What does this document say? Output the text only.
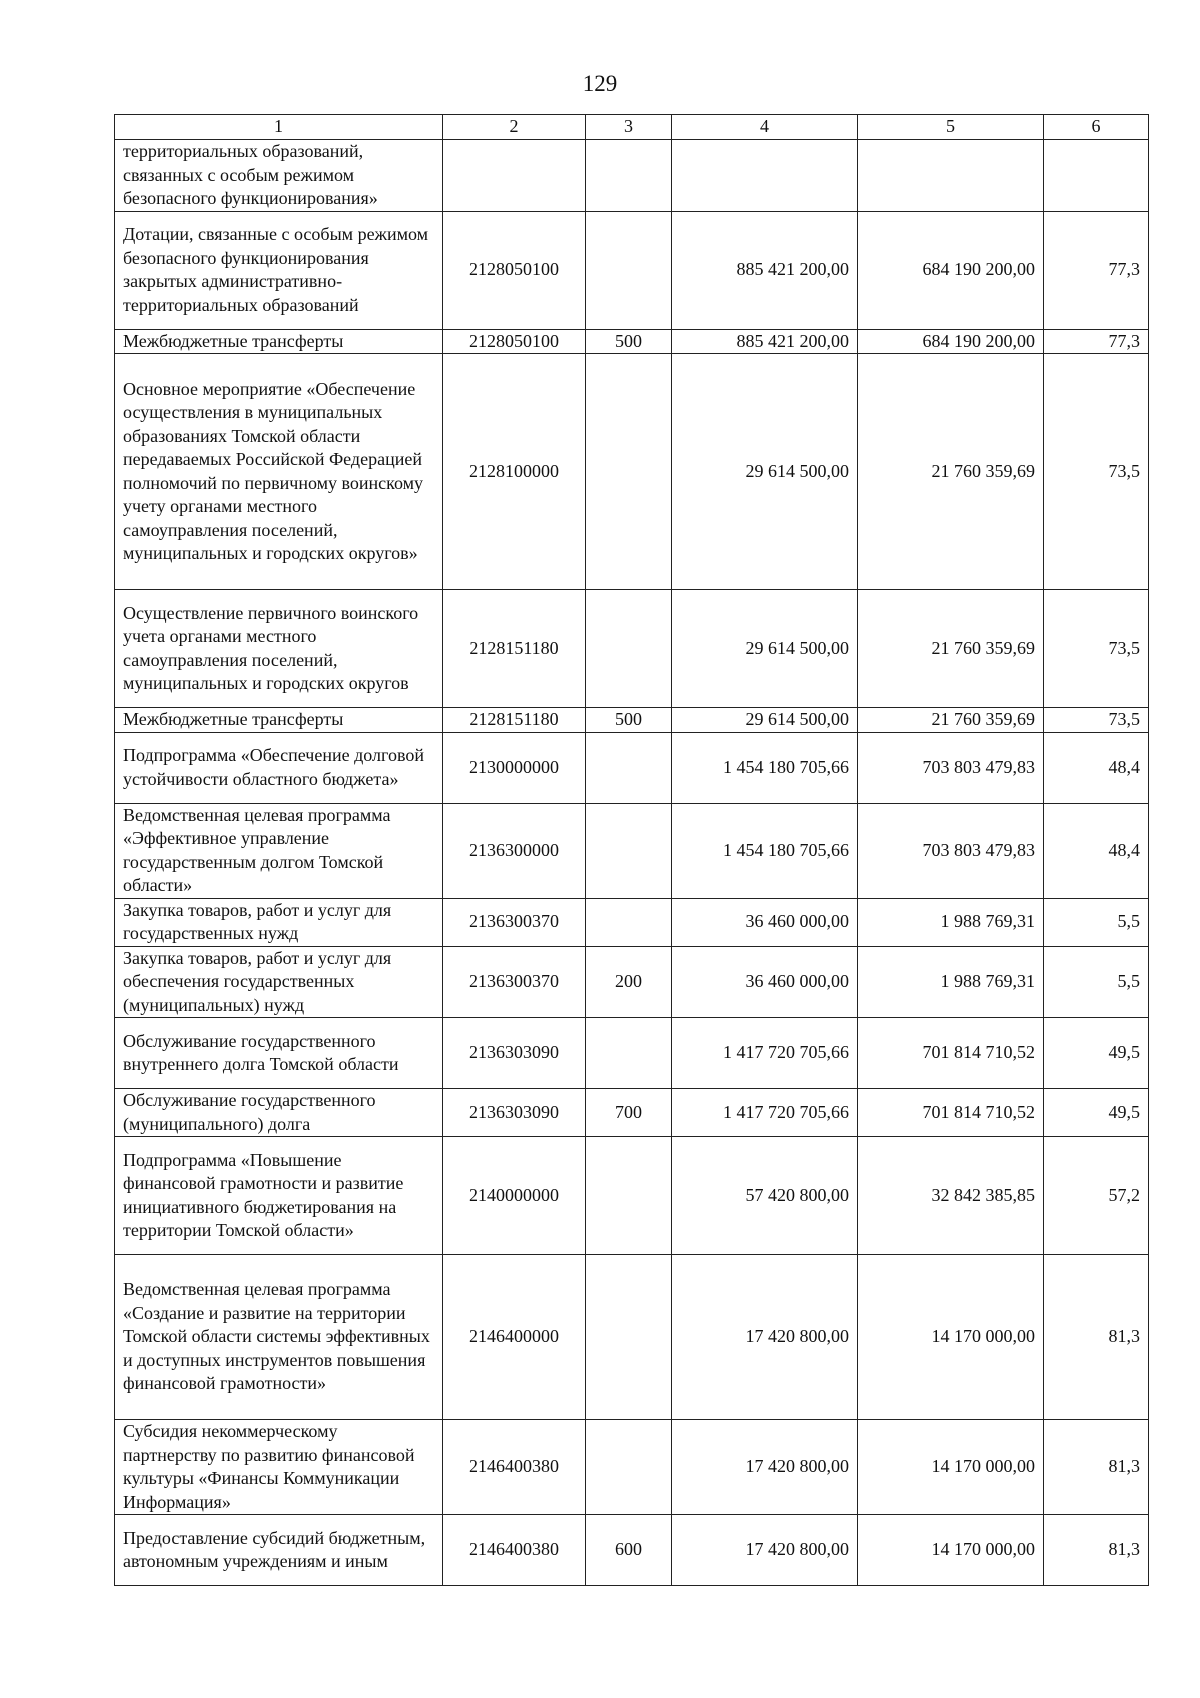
129
1	2	3	4	5	6
территориальных образований, связанных с особым режимом безопасного функционирования»					
Дотации, связанные с особым режимом безопасного функционирования закрытых административно-территориальных образований	2128050100		885 421 200,00	684 190 200,00	77,3
Межбюджетные трансферты	2128050100	500	885 421 200,00	684 190 200,00	77,3
Основное мероприятие «Обеспечение осуществления в муниципальных образованиях Томской области передаваемых Российской Федерацией полномочий по первичному воинскому учету органами местного самоуправления поселений, муниципальных и городских округов»	2128100000		29 614 500,00	21 760 359,69	73,5
Осуществление первичного воинского учета органами местного самоуправления поселений, муниципальных и городских округов	2128151180		29 614 500,00	21 760 359,69	73,5
Межбюджетные трансферты	2128151180	500	29 614 500,00	21 760 359,69	73,5
Подпрограмма «Обеспечение долговой устойчивости областного бюджета»	2130000000		1 454 180 705,66	703 803 479,83	48,4
Ведомственная целевая программа «Эффективное управление государственным долгом Томской области»	2136300000		1 454 180 705,66	703 803 479,83	48,4
Закупка товаров, работ и услуг для государственных нужд	2136300370		36 460 000,00	1 988 769,31	5,5
Закупка товаров, работ и услуг для обеспечения государственных (муниципальных) нужд	2136300370	200	36 460 000,00	1 988 769,31	5,5
Обслуживание государственного внутреннего долга Томской области	2136303090		1 417 720 705,66	701 814 710,52	49,5
Обслуживание государственного (муниципального) долга	2136303090	700	1 417 720 705,66	701 814 710,52	49,5
Подпрограмма «Повышение финансовой грамотности и развитие инициативного бюджетирования на территории Томской области»	2140000000		57 420 800,00	32 842 385,85	57,2
Ведомственная целевая программа «Создание и развитие на территории Томской области системы эффективных и доступных инструментов повышения финансовой грамотности»	2146400000		17 420 800,00	14 170 000,00	81,3
Субсидия некоммерческому партнерству по развитию финансовой культуры «Финансы Коммуникации Информация»	2146400380		17 420 800,00	14 170 000,00	81,3
Предоставление субсидий бюджетным, автономным учреждениям и иным	2146400380	600	17 420 800,00	14 170 000,00	81,3
